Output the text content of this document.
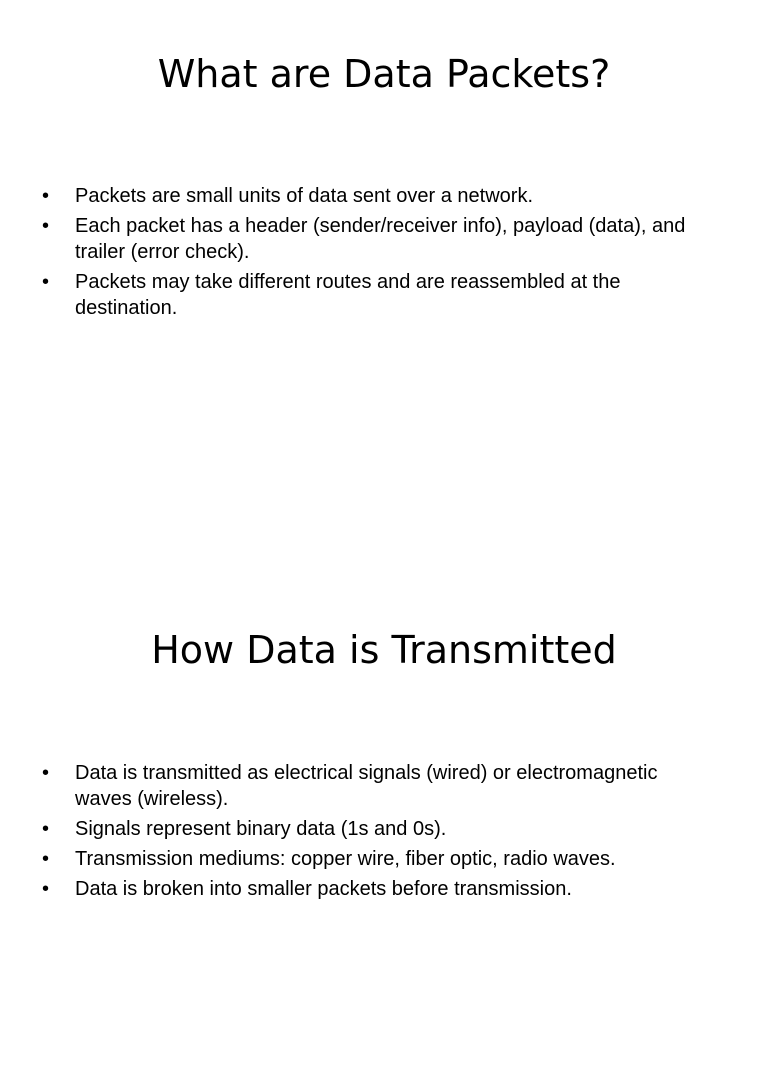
What are Data Packets?
• Packets are small units of data sent over a network.
• Each packet has a header (sender/receiver info), payload (data), and trailer (error check).
• Packets may take different routes and are reassembled at the destination.
How Data is Transmitted
• Data is transmitted as electrical signals (wired) or electromagnetic waves (wireless).
• Signals represent binary data (1s and 0s).
• Transmission mediums: copper wire, fiber optic, radio waves.
• Data is broken into smaller packets before transmission.
